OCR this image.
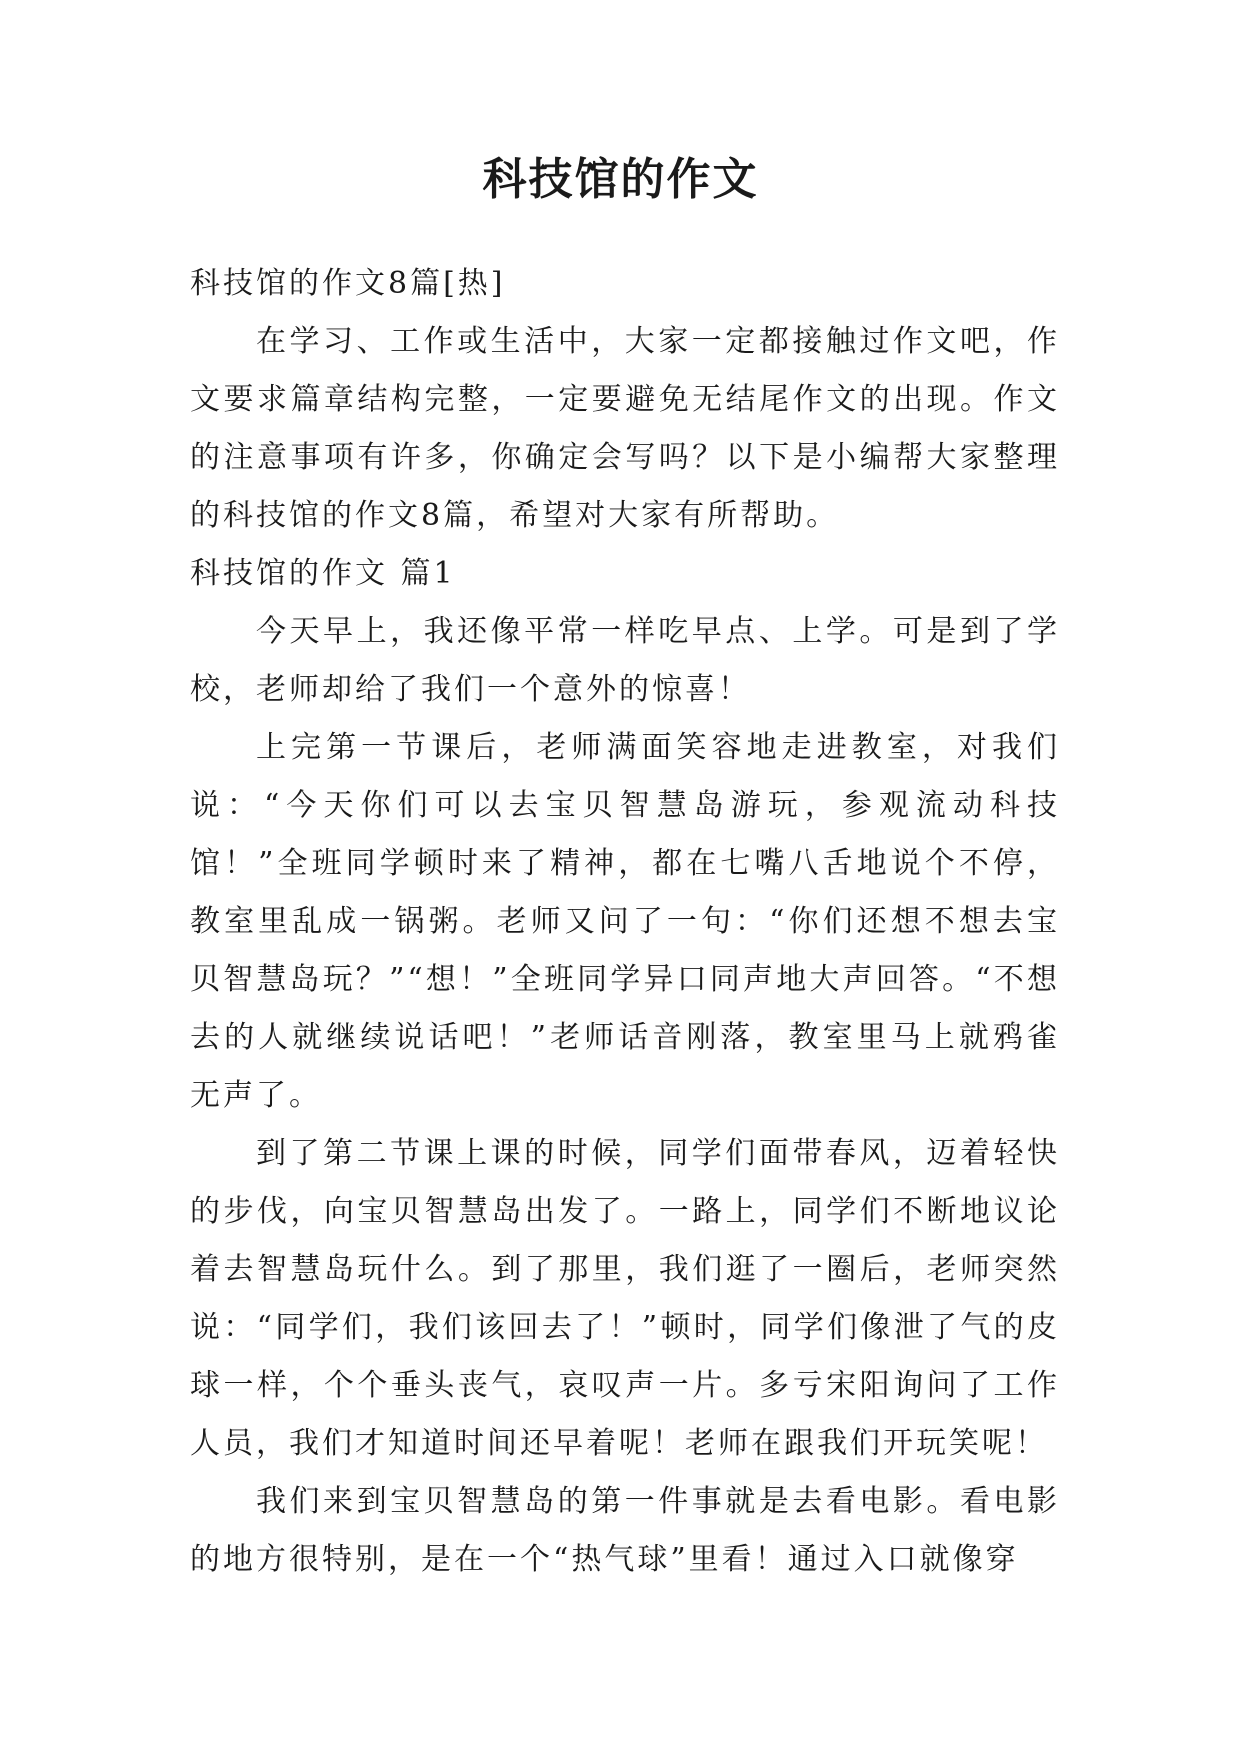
科技馆的作文

科技馆的作文8篇[热]

在学习、工作或生活中，大家一定都接触过作文吧，作文要求篇章结构完整，一定要避免无结尾作文的出现。作文的注意事项有许多，你确定会写吗？以下是小编帮大家整理的科技馆的作文8篇，希望对大家有所帮助。

科技馆的作文 篇1

今天早上，我还像平常一样吃早点、上学。可是到了学校，老师却给了我们一个意外的惊喜！

上完第一节课后，老师满面笑容地走进教室，对我们说：“今天你们可以去宝贝智慧岛游玩，参观流动科技馆！”全班同学顿时来了精神，都在七嘴八舌地说个不停，教室里乱成一锅粥。老师又问了一句：“你们还想不想去宝贝智慧岛玩？”“想！”全班同学异口同声地大声回答。“不想去的人就继续说话吧！”老师话音刚落，教室里马上就鸦雀无声了。

到了第二节课上课的时候，同学们面带春风，迈着轻快的步伐，向宝贝智慧岛出发了。一路上，同学们不断地议论着去智慧岛玩什么。到了那里，我们逛了一圈后，老师突然说：“同学们，我们该回去了！”顿时，同学们像泄了气的皮球一样，个个垂头丧气，哀叹声一片。多亏宋阳询问了工作人员，我们才知道时间还早着呢！老师在跟我们开玩笑呢！

我们来到宝贝智慧岛的第一件事就是去看电影。看电影的地方很特别，是在一个“热气球”里看！通过入口就像穿
